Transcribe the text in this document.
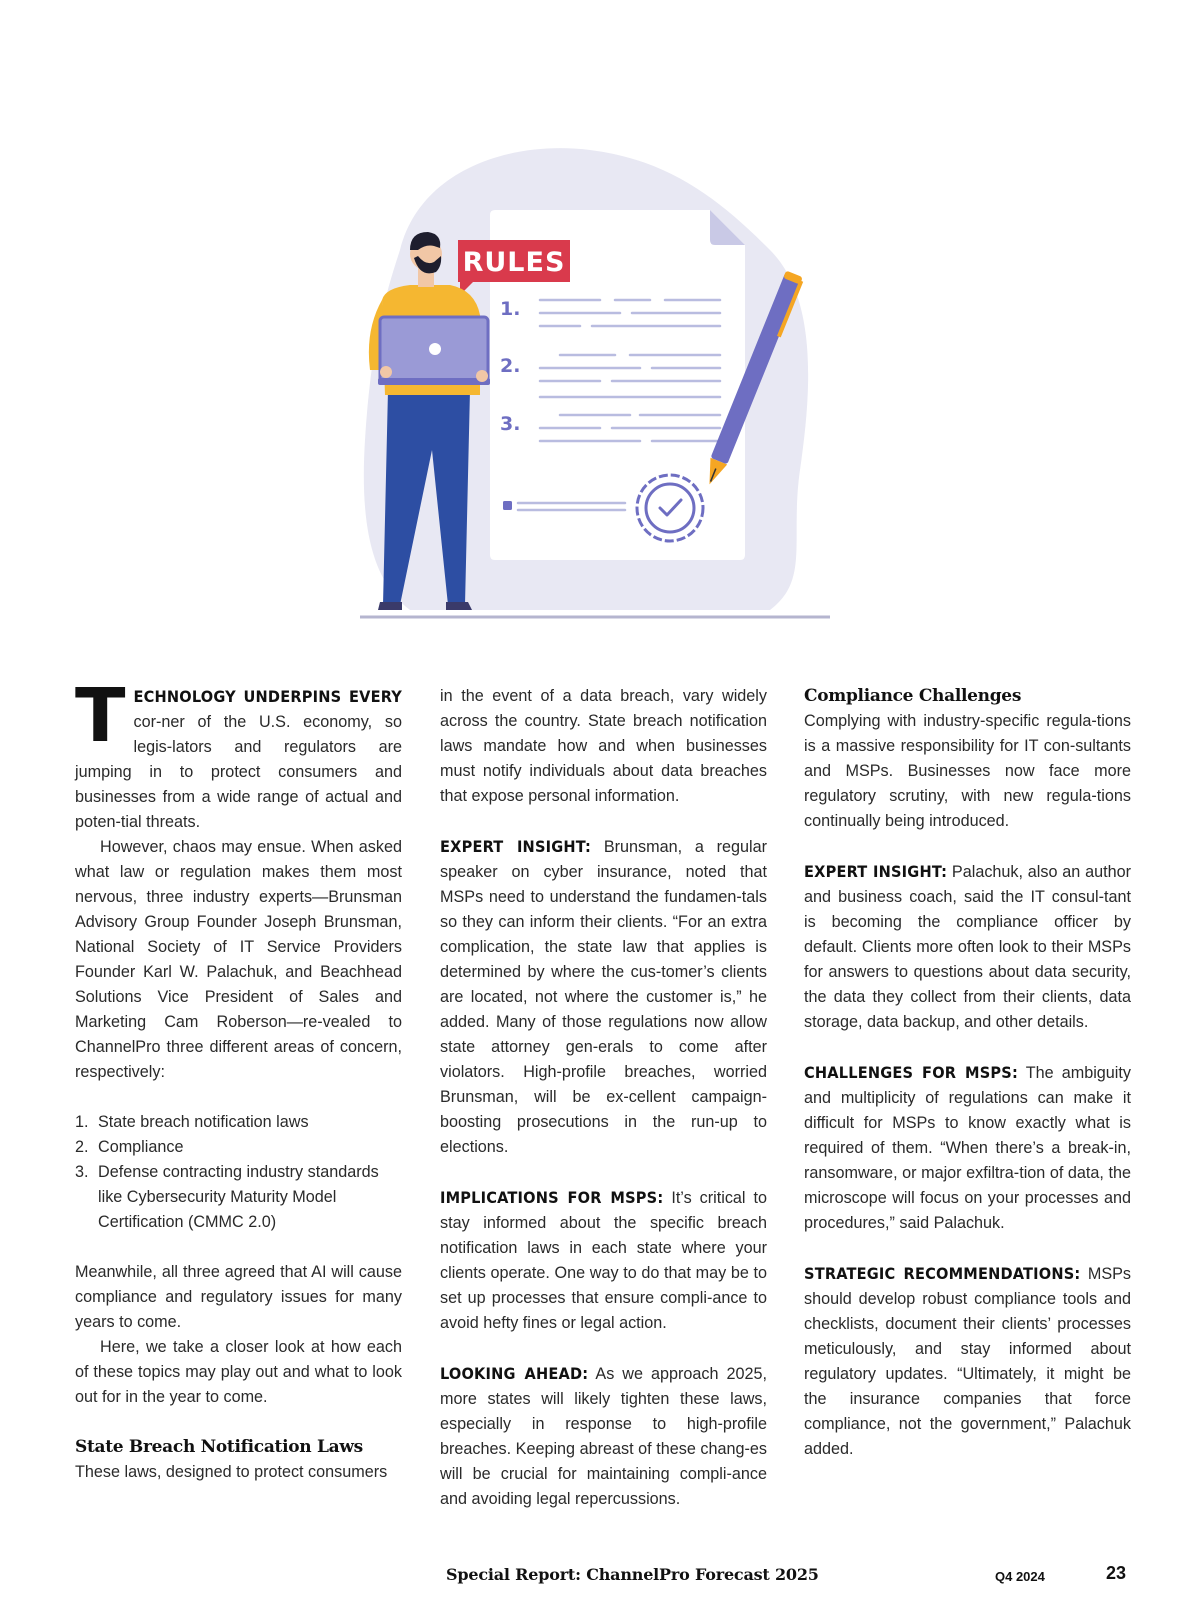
1.
2.
3.
RULES

TECHNOLOGY UNDERPINS EVERY cor-ner of the U.S. economy, so legis-lators and regulators are jumping in to protect consumers and businesses from a wide range of actual and poten-tial threats.

However, chaos may ensue. When asked what law or regulation makes them most nervous, three industry experts—Brunsman Advisory Group Founder Joseph Brunsman, National Society of IT Service Providers Founder Karl W. Palachuk, and Beachhead Solutions Vice President of Sales and Marketing Cam Roberson—re-vealed to ChannelPro three different areas of concern, respectively:

1. State breach notification laws
2. Compliance
3. Defense contracting industry standards like Cybersecurity Maturity Model Certification (CMMC 2.0)

Meanwhile, all three agreed that AI will cause compliance and regulatory issues for many years to come.

Here, we take a closer look at how each of these topics may play out and what to look out for in the year to come.

State Breach Notification Laws

These laws, designed to protect consumers

in the event of a data breach, vary widely across the country. State breach notification laws mandate how and when businesses must notify individuals about data breaches that expose personal information.

EXPERT INSIGHT: Brunsman, a regular speaker on cyber insurance, noted that MSPs need to understand the fundamen-tals so they can inform their clients. “For an extra complication, the state law that applies is determined by where the cus-tomer’s clients are located, not where the customer is,” he added. Many of those regulations now allow state attorney gen-erals to come after violators. High-profile breaches, worried Brunsman, will be ex-cellent campaign-boosting prosecutions in the run-up to elections.

IMPLICATIONS FOR MSPS: It’s critical to stay informed about the specific breach notification laws in each state where your clients operate. One way to do that may be to set up processes that ensure compli-ance to avoid hefty fines or legal action.

LOOKING AHEAD: As we approach 2025, more states will likely tighten these laws, especially in response to high-profile breaches. Keeping abreast of these chang-es will be crucial for maintaining compli-ance and avoiding legal repercussions.

Compliance Challenges

Complying with industry-specific regula-tions is a massive responsibility for IT con-sultants and MSPs. Businesses now face more regulatory scrutiny, with new regula-tions continually being introduced.

EXPERT INSIGHT: Palachuk, also an author and business coach, said the IT consul-tant is becoming the compliance officer by default. Clients more often look to their MSPs for answers to questions about data security, the data they collect from their clients, data storage, data backup, and other details.

CHALLENGES FOR MSPS: The ambiguity and multiplicity of regulations can make it difficult for MSPs to know exactly what is required of them. “When there’s a break-in, ransomware, or major exfiltra-tion of data, the microscope will focus on your processes and procedures,” said Palachuk.

STRATEGIC RECOMMENDATIONS: MSPs should develop robust compliance tools and checklists, document their clients’ processes meticulously, and stay informed about regulatory updates. “Ultimately, it might be the insurance companies that force compliance, not the government,” Palachuk added.

Special Report: ChannelPro Forecast 2025	Q4 2024	23
